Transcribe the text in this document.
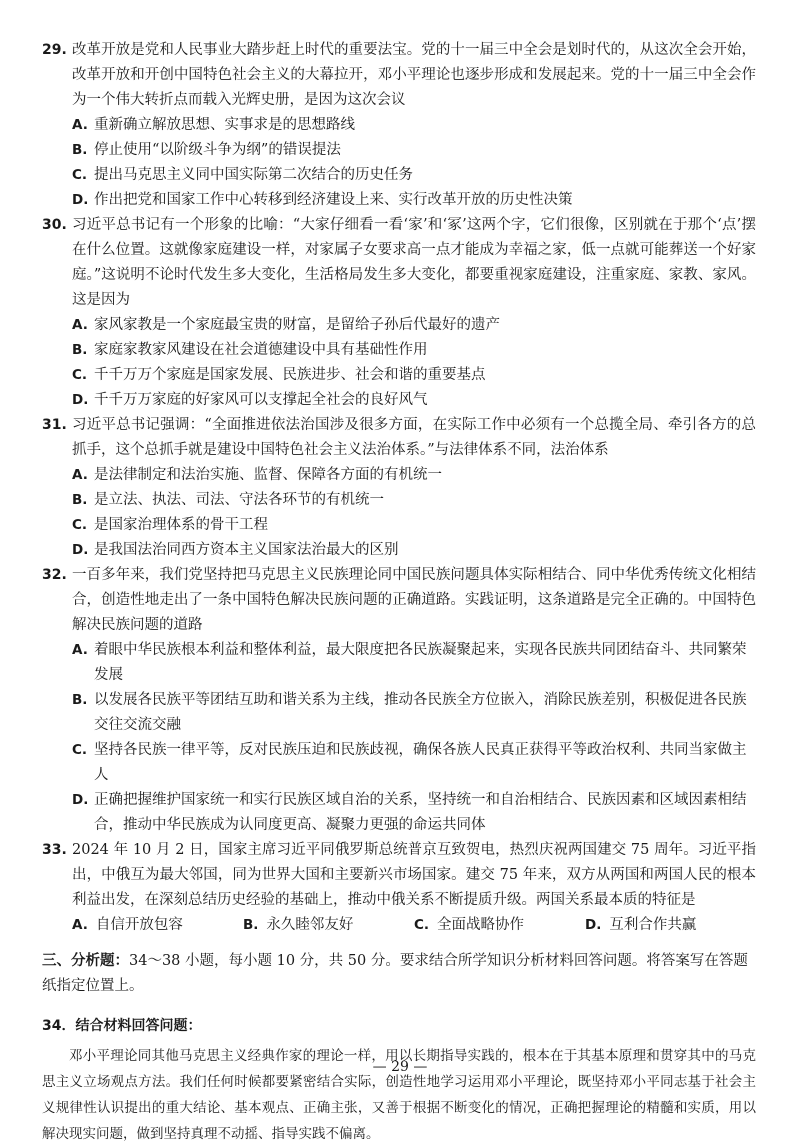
29. 改革开放是党和人民事业大踏步赶上时代的重要法宝。党的十一届三中全会是划时代的，从这次全会开始，改革开放和开创中国特色社会主义的大幕拉开，邓小平理论也逐步形成和发展起来。党的十一届三中全会作为一个伟大转折点而载入光辉史册，是因为这次会议

A. 重新确立解放思想、实事求是的思想路线

B. 停止使用“以阶级斗争为纲”的错误提法

C. 提出马克思主义同中国实际第二次结合的历史任务

D. 作出把党和国家工作中心转移到经济建设上来、实行改革开放的历史性决策

30. 习近平总书记有一个形象的比喻：“大家仔细看一看‘家’和‘冢’这两个字，它们很像，区别就在于那个‘点’摆在什么位置。这就像家庭建设一样，对家属子女要求高一点才能成为幸福之家，低一点就可能葬送一个好家庭。”这说明不论时代发生多大变化，生活格局发生多大变化，都要重视家庭建设，注重家庭、家教、家风。这是因为

A. 家风家教是一个家庭最宝贵的财富，是留给子孙后代最好的遗产

B. 家庭家教家风建设在社会道德建设中具有基础性作用

C. 千千万万个家庭是国家发展、民族进步、社会和谐的重要基点

D. 千千万万家庭的好家风可以支撑起全社会的良好风气

31. 习近平总书记强调：“全面推进依法治国涉及很多方面，在实际工作中必须有一个总揽全局、牵引各方的总抓手，这个总抓手就是建设中国特色社会主义法治体系。”与法律体系不同，法治体系

A. 是法律制定和法治实施、监督、保障各方面的有机统一

B. 是立法、执法、司法、守法各环节的有机统一

C. 是国家治理体系的骨干工程

D. 是我国法治同西方资本主义国家法治最大的区别

32. 一百多年来，我们党坚持把马克思主义民族理论同中国民族问题具体实际相结合、同中华优秀传统文化相结合，创造性地走出了一条中国特色解决民族问题的正确道路。实践证明，这条道路是完全正确的。中国特色解决民族问题的道路

A. 着眼中华民族根本利益和整体利益，最大限度把各民族凝聚起来，实现各民族共同团结奋斗、共同繁荣发展

B. 以发展各民族平等团结互助和谐关系为主线，推动各民族全方位嵌入，消除民族差别，积极促进各民族交往交流交融

C. 坚持各民族一律平等，反对民族压迫和民族歧视，确保各族人民真正获得平等政治权利、共同当家做主人

D. 正确把握维护国家统一和实行民族区域自治的关系，坚持统一和自治相结合、民族因素和区域因素相结合，推动中华民族成为认同度更高、凝聚力更强的命运共同体

33. 2024 年 10 月 2 日，国家主席习近平同俄罗斯总统普京互致贺电，热烈庆祝两国建交 75 周年。习近平指出，中俄互为最大邻国，同为世界大国和主要新兴市场国家。建交 75 年来，双方从两国和两国人民的根本利益出发，在深刻总结历史经验的基础上，推动中俄关系不断提质升级。两国关系最本质的特征是

A. 自信开放包容	B. 永久睦邻友好	C. 全面战略协作	D. 互利合作共赢

三、分析题：34～38 小题，每小题 10 分，共 50 分。要求结合所学知识分析材料回答问题。将答案写在答题纸指定位置上。

34．结合材料回答问题：

邓小平理论同其他马克思主义经典作家的理论一样，用以长期指导实践的，根本在于其基本原理和贯穿其中的马克思主义立场观点方法。我们任何时候都要紧密结合实际，创造性地学习运用邓小平理论，既坚持邓小平同志基于社会主义规律性认识提出的重大结论、基本观点、正确主张，又善于根据不断变化的情况，正确把握理论的精髓和实质，用以解决现实问题，做到坚持真理不动摇、指导实践不偏离。

— 29 —
